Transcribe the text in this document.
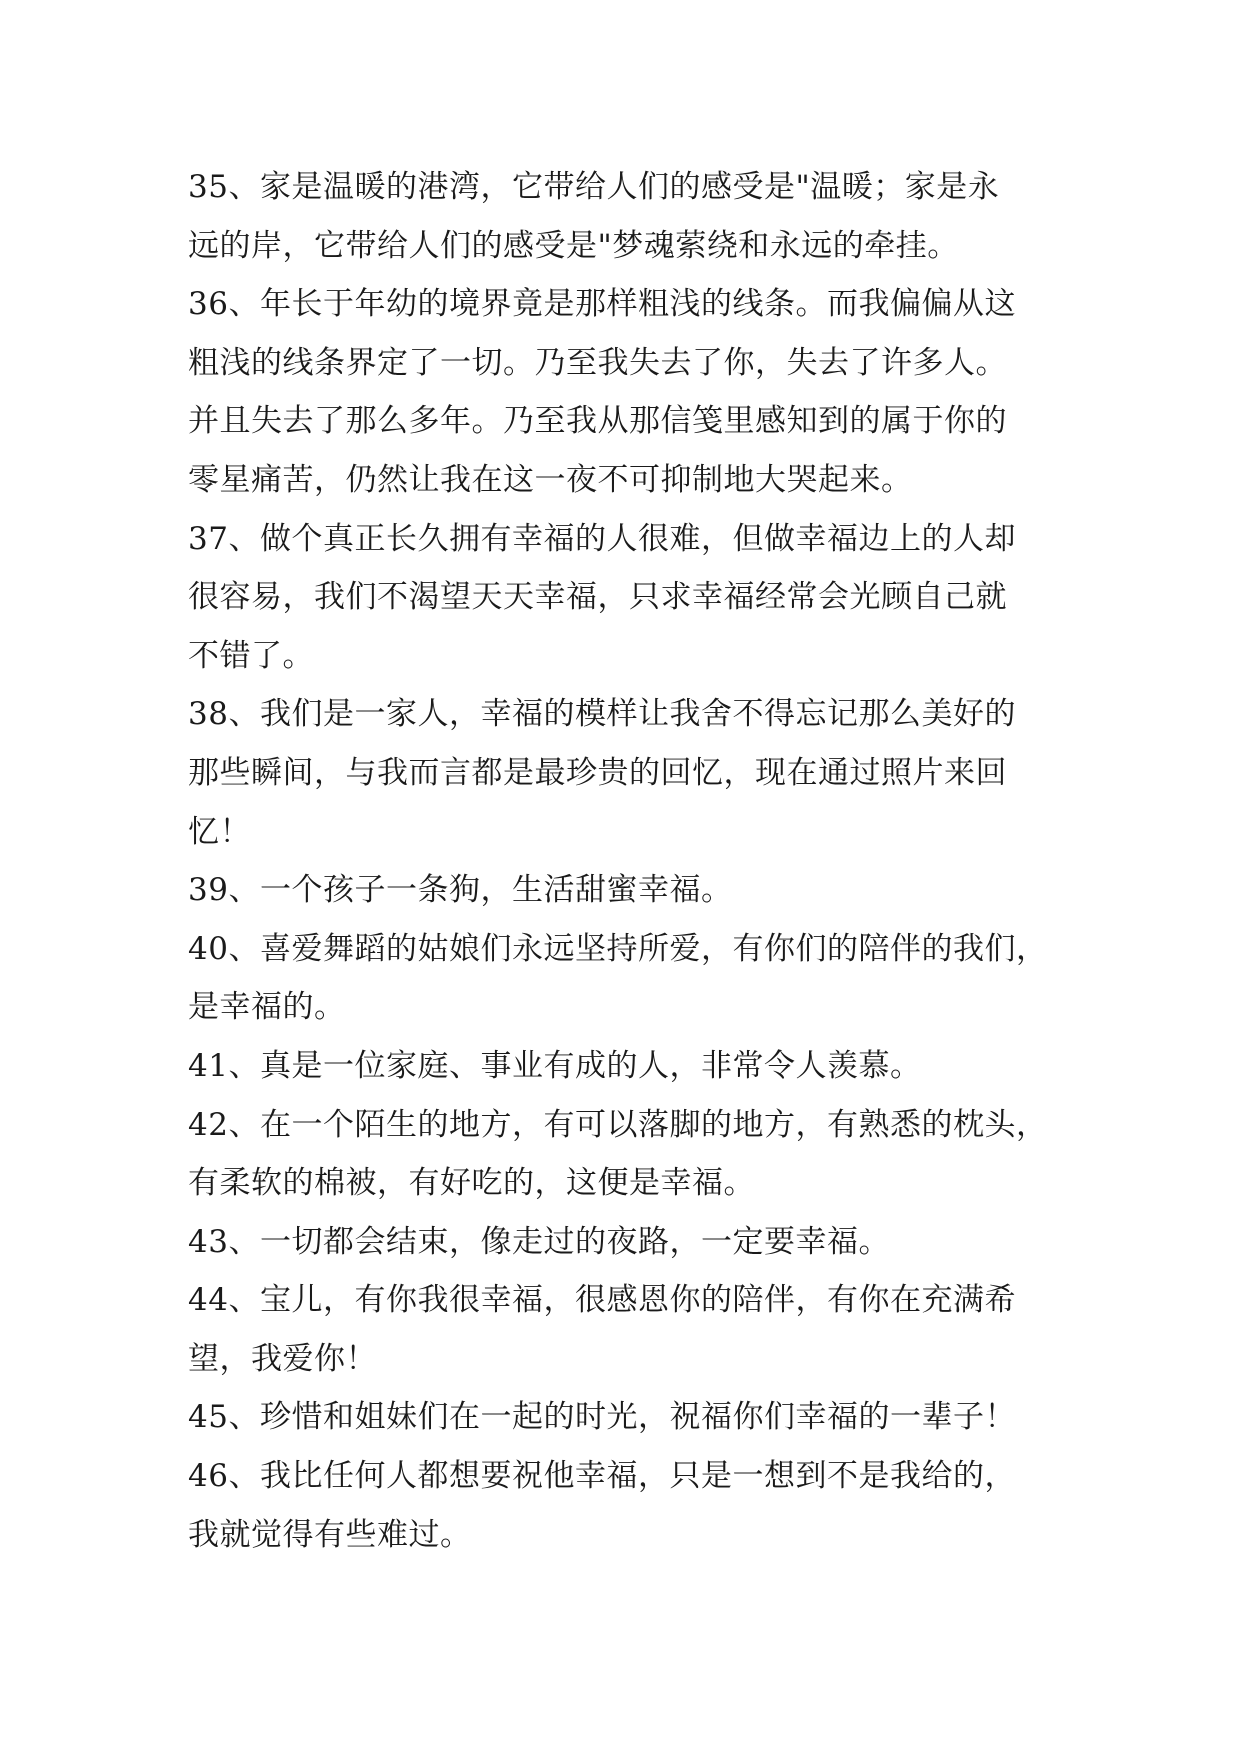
35、家是温暖的港湾，它带给人们的感受是"温暖；家是永
远的岸，它带给人们的感受是"梦魂萦绕和永远的牵挂。
36、年长于年幼的境界竟是那样粗浅的线条。而我偏偏从这
粗浅的线条界定了一切。乃至我失去了你，失去了许多人。
并且失去了那么多年。乃至我从那信笺里感知到的属于你的
零星痛苦，仍然让我在这一夜不可抑制地大哭起来。
37、做个真正长久拥有幸福的人很难，但做幸福边上的人却
很容易，我们不渴望天天幸福，只求幸福经常会光顾自己就
不错了。
38、我们是一家人，幸福的模样让我舍不得忘记那么美好的
那些瞬间，与我而言都是最珍贵的回忆，现在通过照片来回
忆！
39、一个孩子一条狗，生活甜蜜幸福。
40、喜爱舞蹈的姑娘们永远坚持所爱，有你们的陪伴的我们，
是幸福的。
41、真是一位家庭、事业有成的人，非常令人羡慕。
42、在一个陌生的地方，有可以落脚的地方，有熟悉的枕头，
有柔软的棉被，有好吃的，这便是幸福。
43、一切都会结束，像走过的夜路，一定要幸福。
44、宝儿，有你我很幸福，很感恩你的陪伴，有你在充满希
望，我爱你！
45、珍惜和姐妹们在一起的时光，祝福你们幸福的一辈子！
46、我比任何人都想要祝他幸福，只是一想到不是我给的，
我就觉得有些难过。
